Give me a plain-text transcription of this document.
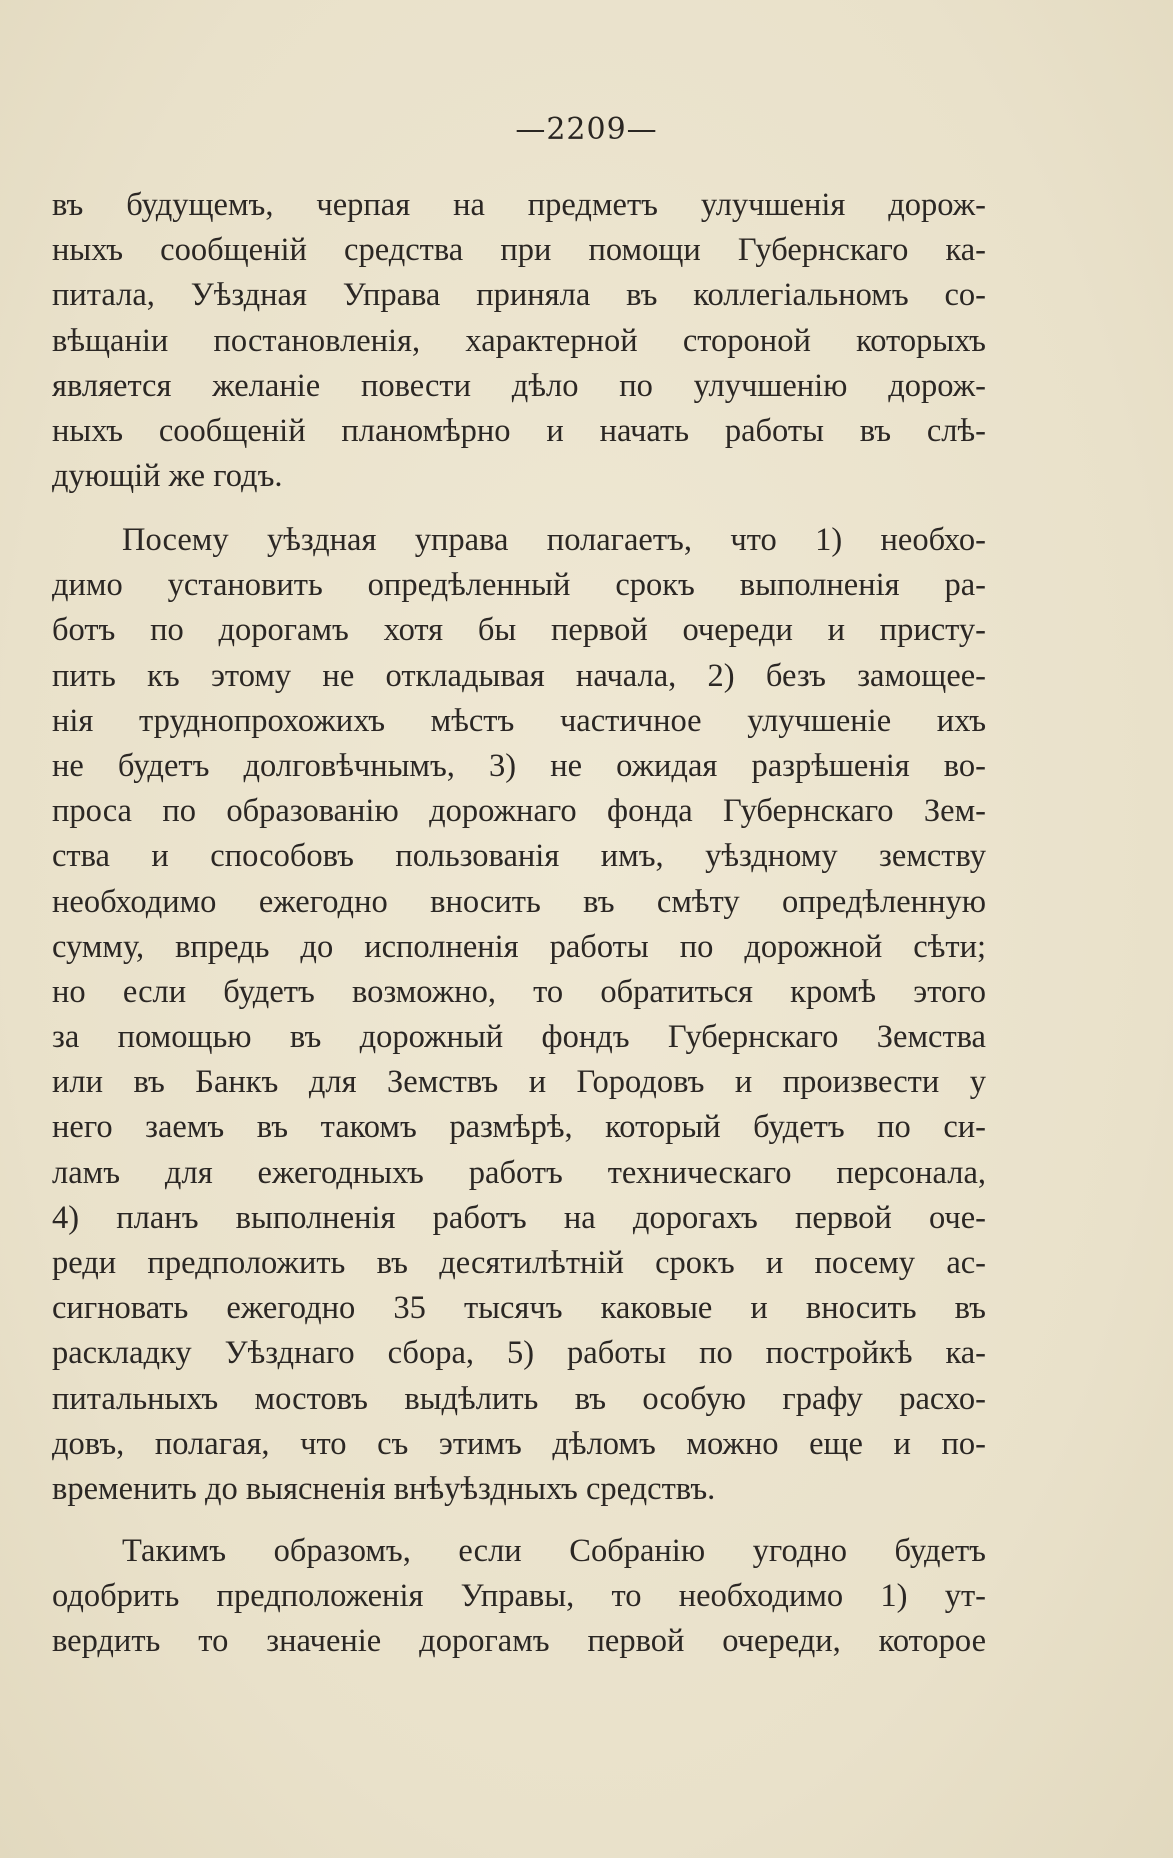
—2209—
въ будущемъ, черпая на предметъ улучшенія дорож-
ныхъ сообщеній средства при помощи Губернскаго ка-
питала, Уѣздная Управа приняла въ коллегіальномъ со-
вѣщаніи постановленія, характерной стороной которыхъ
является желаніе повести дѣло по улучшенію дорож-
ныхъ сообщеній планомѣрно и начать работы въ слѣ-
дующій же годъ.
Посему уѣздная управа полагаетъ, что 1) необхо-
димо установить опредѣленный срокъ выполненія ра-
ботъ по дорогамъ хотя бы первой очереди и присту-
пить къ этому не откладывая начала, 2) безъ замощеe-
нія труднопрохожихъ мѣстъ частичное улучшеніе ихъ
не будетъ долговѣчнымъ, 3) не ожидая разрѣшенія во-
проса по образованію дорожнаго фонда Губернскаго Зем-
ства и способовъ пользованія имъ, уѣздному земству
необходимо ежегодно вносить въ смѣту опредѣленную
сумму, впредь до исполненія работы по дорожной сѣти;
но если будетъ возможно, то обратиться кромѣ этого
за помощью въ дорожный фондъ Губернскаго Земства
или въ Банкъ для Земствъ и Городовъ и произвести у
него заемъ въ такомъ размѣрѣ, который будетъ по си-
ламъ для ежегодныхъ работъ техническаго персонала,
4) планъ выполненія работъ на дорогахъ первой оче-
реди предположить въ десятилѣтній срокъ и посему ас-
сигновать ежегодно 35 тысячъ каковые и вносить въ
раскладку Уѣзднаго сбора, 5) работы по постройкѣ ка-
питальныхъ мостовъ выдѣлить въ особую графу расхо-
довъ, полагая, что съ этимъ дѣломъ можно еще и по-
временить до выясненія внѣуѣздныхъ средствъ.
Такимъ образомъ, если Собранію угодно будетъ
одобрить предположенія Управы, то необходимо 1) ут-
вердить то значеніе дорогамъ первой очереди, которое
